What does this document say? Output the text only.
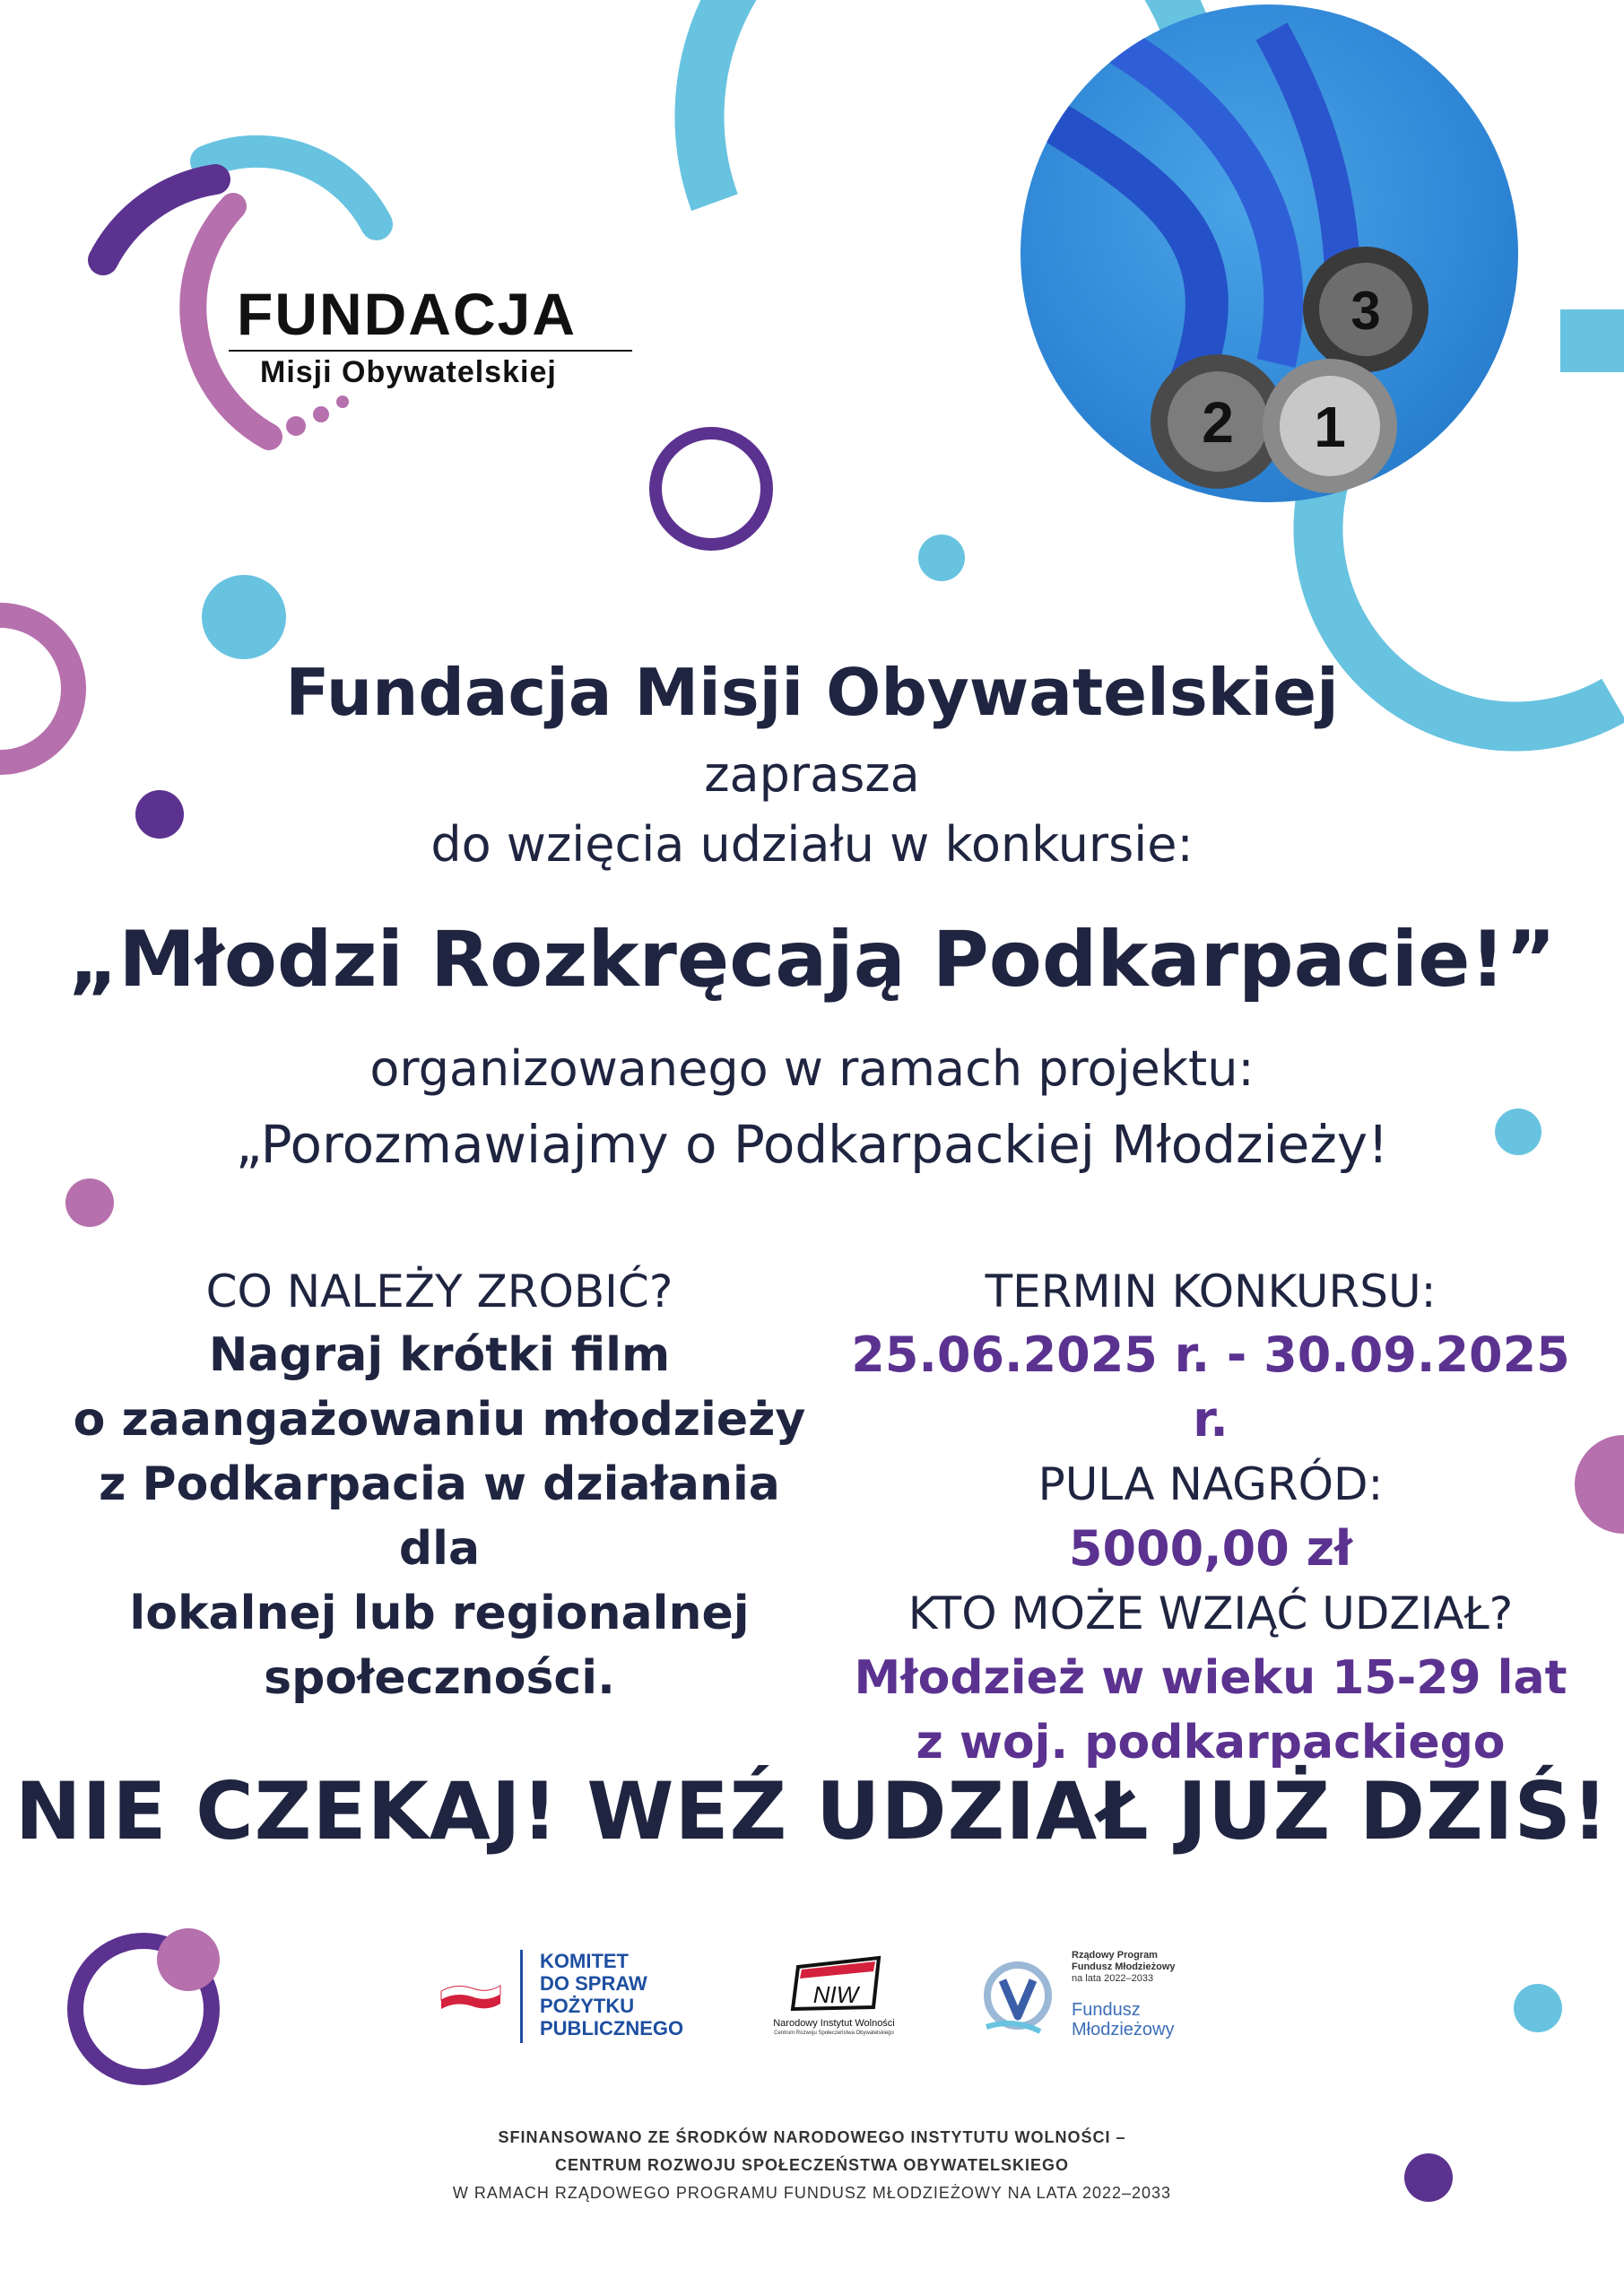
FUNDACJA
Misji Obywatelskiej
3
2 1
Fundacja Misji Obywatelskiej
zaprasza
do wzięcia udziału w konkursie:
„Młodzi Rozkręcają Podkarpacie!”
organizowanego w ramach projektu:
„Porozmawiajmy o Podkarpackiej Młodzieży!
CO NALEŻY ZROBIĆ?
Nagraj krótki film
o zaangażowaniu młodzieży
z Podkarpacia w działania dla
lokalnej lub regionalnej
społeczności.
TERMIN KONKURSU:
25.06.2025 r. - 30.09.2025 r.
PULA NAGRÓD:
5000,00 zł
KTO MOŻE WZIĄĆ UDZIAŁ?
Młodzież w wieku 15-29 lat
z woj. podkarpackiego
NIE CZEKAJ! WEŹ UDZIAŁ JUŻ DZIŚ!
KOMITET
DO SPRAW
POŻYTKU
PUBLICZNEGO
NIW
Narodowy Instytut Wolności
Centrum Rozwoju Społeczeństwa Obywatelskiego
Rządowy Program
Fundusz Młodzieżowy
na lata 2022–2033
Fundusz
Młodzieżowy
SFINANSOWANO ZE ŚRODKÓW NARODOWEGO INSTYTUTU WOLNOŚCI –
CENTRUM ROZWOJU SPOŁECZEŃSTWA OBYWATELSKIEGO
W RAMACH RZĄDOWEGO PROGRAMU FUNDUSZ MŁODZIEŻOWY NA LATA 2022–2033
